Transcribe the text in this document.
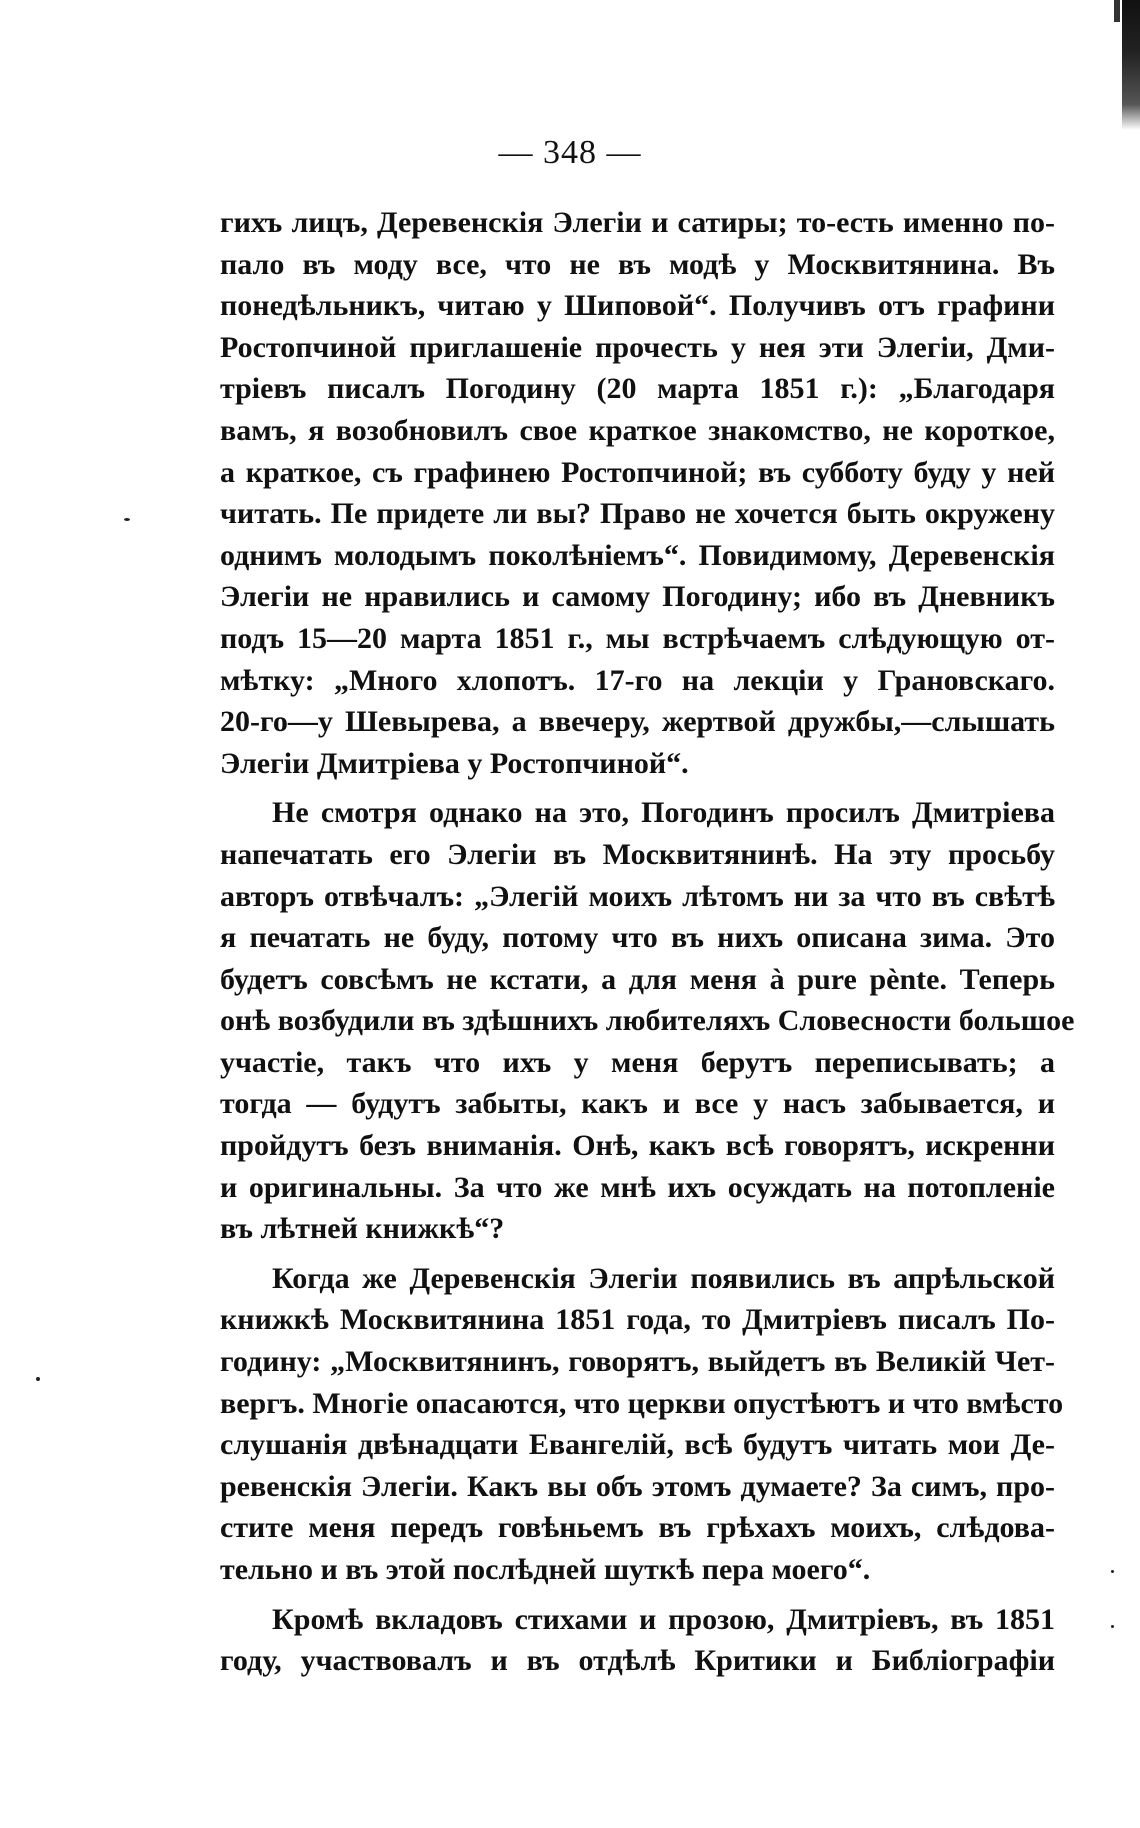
— 348 —
гихъ лицъ, Деревенскія Элегіи и сатиры; то-есть именно по-
пало въ моду все, что не въ модѣ у Москвитянина. Въ
понедѣльникъ, читаю у Шиповой“. Получивъ отъ графини
Ростопчиной приглашеніе прочесть у нея эти Элегіи, Дми-
тріевъ писалъ Погодину (20 марта 1851 г.): „Благодаря
вамъ, я возобновилъ свое краткое знакомство, не короткое,
а краткое, съ графинею Ростопчиной; въ субботу буду у ней
читать. Пе придете ли вы? Право не хочется быть окружену
однимъ молодымъ поколѣніемъ“. Повидимому, Деревенскія
Элегіи не нравились и самому Погодину; ибо въ Дневникъ
подъ 15—20 марта 1851 г., мы встрѣчаемъ слѣдующую от-
мѣтку: „Много хлопотъ. 17-го на лекціи у Грановскаго.
20-го—у Шевырева, а ввечеру, жертвой дружбы,—слышать
Элегіи Дмитріева у Ростопчиной“.
Не смотря однако на это, Погодинъ просилъ Дмитріева
напечатать его Элегіи въ Москвитянинѣ. На эту просьбу
авторъ отвѣчалъ: „Элегій моихъ лѣтомъ ни за что въ свѣтѣ
я печатать не буду, потому что въ нихъ описана зима. Это
будетъ совсѣмъ не кстати, а для меня à pure pènte. Теперь
онѣ возбудили въ здѣшнихъ любителяхъ Словесности большое
участіе, такъ что ихъ у меня берутъ переписывать; а
тогда — будутъ забыты, какъ и все у насъ забывается, и
пройдутъ безъ вниманія. Онѣ, какъ всѣ говорятъ, искренни
и оригинальны. За что же мнѣ ихъ осуждать на потопленіе
въ лѣтней книжкѣ“?
Когда же Деревенскія Элегіи появились въ апрѣльской
книжкѣ Москвитянина 1851 года, то Дмитріевъ писалъ По-
годину: „Москвитянинъ, говорятъ, выйдетъ въ Великій Чет-
вергъ. Многіе опасаются, что церкви опустѣютъ и что вмѣсто
слушанія двѣнадцати Евангелій, всѣ будутъ читать мои Де-
ревенскія Элегіи. Какъ вы объ этомъ думаете? За симъ, про-
стите меня передъ говѣньемъ въ грѣхахъ моихъ, слѣдова-
тельно и въ этой послѣдней шуткѣ пера моего“.
Кромѣ вкладовъ стихами и прозою, Дмитріевъ, въ 1851
году, участвовалъ и въ отдѣлѣ Критики и Библіографіи
